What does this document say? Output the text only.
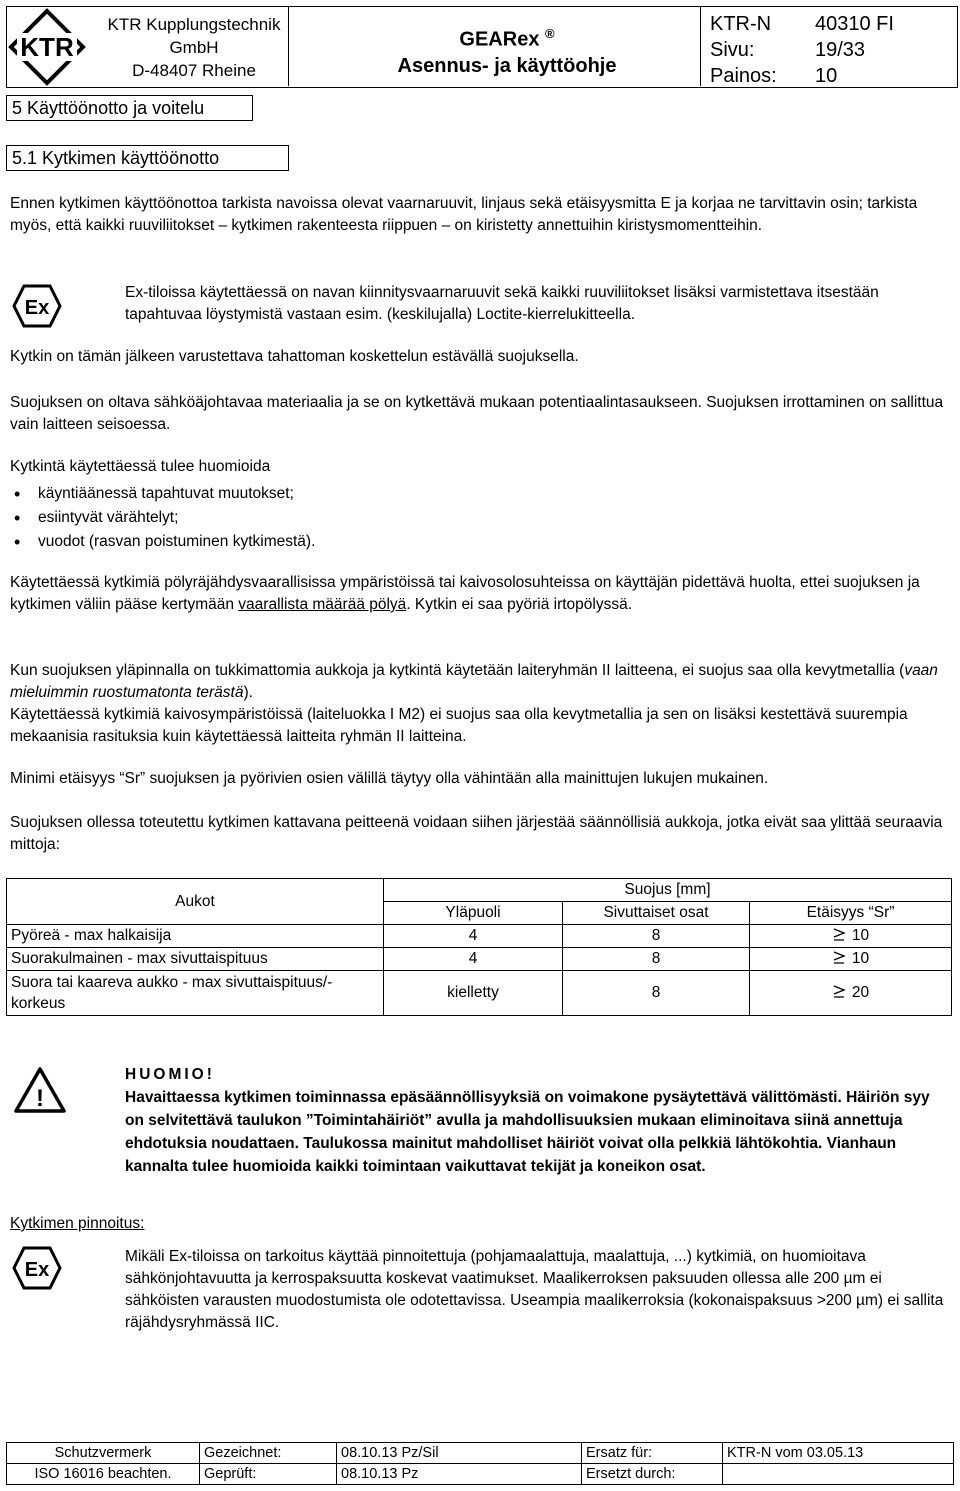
KTR
KTR Kupplungstechnik
GmbH
D-48407 Rheine
GEARex ®
Asennus- ja käyttöohje
KTR-N	40310 FI
Sivu:	19/33
Painos:	10
5 Käyttöönotto ja voitelu
5.1 Kytkimen käyttöönotto
Ennen kytkimen käyttöönottoa tarkista navoissa olevat vaarnaruuvit, linjaus sekä etäisyysmitta E ja korjaa ne tarvittavin osin; tarkista myös, että kaikki ruuviliitokset – kytkimen rakenteesta riippuen – on kiristetty annettuihin kiristysmomentteihin.
Ex
Ex-tiloissa käytettäessä on navan kiinnitysvaarnaruuvit sekä kaikki ruuviliitokset lisäksi varmistettava itsestään tapahtuvaa löystymistä vastaan esim. (keskilujalla) Loctite-kierrelukitteella.
Kytkin on tämän jälkeen varustettava tahattoman koskettelun estävällä suojuksella.
Suojuksen on oltava sähköäjohtavaa materiaalia ja se on kytkettävä mukaan potentiaalintasaukseen. Suojuksen irrottaminen on sallittua vain laitteen seisoessa.
Kytkintä käytettäessä tulee huomioida
• käyntiäänessä tapahtuvat muutokset;
• esiintyvät värähtelyt;
• vuodot (rasvan poistuminen kytkimestä).
Käytettäessä kytkimiä pölyräjähdysvaarallisissa ympäristöissä tai kaivosolosuhteissa on käyttäjän pidettävä huolta, ettei suojuksen ja kytkimen väliin pääse kertymään vaarallista määrää pölyä. Kytkin ei saa pyöriä irtopölyssä.
Kun suojuksen yläpinnalla on tukkimattomia aukkoja ja kytkintä käytetään laiteryhmän II laitteena, ei suojus saa olla kevytmetallia (vaan mieluimmin ruostumatonta terästä).
Käytettäessä kytkimiä kaivosympäristöissä (laiteluokka I M2) ei suojus saa olla kevytmetallia ja sen on lisäksi kestettävä suurempia mekaanisia rasituksia kuin käytettäessä laitteita ryhmän II laitteina.
Minimi etäisyys “Sr” suojuksen ja pyörivien osien välillä täytyy olla vähintään alla mainittujen lukujen mukainen.
Suojuksen ollessa toteutettu kytkimen kattavana peitteenä voidaan siihen järjestää säännöllisiä aukkoja, jotka eivät saa ylittää seuraavia mittoja:
Aukot	Suojus [mm]		
	Yläpuoli	Sivuttaiset osat	Etäisyys “Sr”
Pyöreä - max halkaisija	4	8	10
Suorakulmainen - max sivuttaispituus	4	8	10
Suora tai kaareva aukko - max sivuttaispituus/-korkeus	kielletty	8	20
!
HUOMIO!
Havaittaessa kytkimen toiminnassa epäsäännöllisyyksiä on voimakone pysäytettävä välittömästi. Häiriön syy on selvitettävä taulukon ”Toimintahäiriöt” avulla ja mahdollisuuksien mukaan eliminoitava siinä annettuja ehdotuksia noudattaen. Taulukossa mainitut mahdolliset häiriöt voivat olla pelkkiä lähtökohtia. Vianhaun kannalta tulee huomioida kaikki toimintaan vaikuttavat tekijät ja koneikon osat.
Kytkimen pinnoitus:
Ex
Mikäli Ex-tiloissa on tarkoitus käyttää pinnoitettuja (pohjamaalattuja, maalattuja, ...) kytkimiä, on huomioitava sähkönjohtavuutta ja kerrospaksuutta koskevat vaatimukset. Maalikerroksen paksuuden ollessa alle 200 µm ei sähköisten varausten muodostumista ole odotettavissa. Useampia maalikerroksia (kokonaispaksuus >200 µm) ei sallita räjähdysryhmässä IIC.
Schutzvermerk	Gezeichnet:	08.10.13 Pz/Sil	Ersatz für:	KTR-N vom 03.05.13
ISO 16016 beachten.	Geprüft:	08.10.13 Pz	Ersetzt durch:	
